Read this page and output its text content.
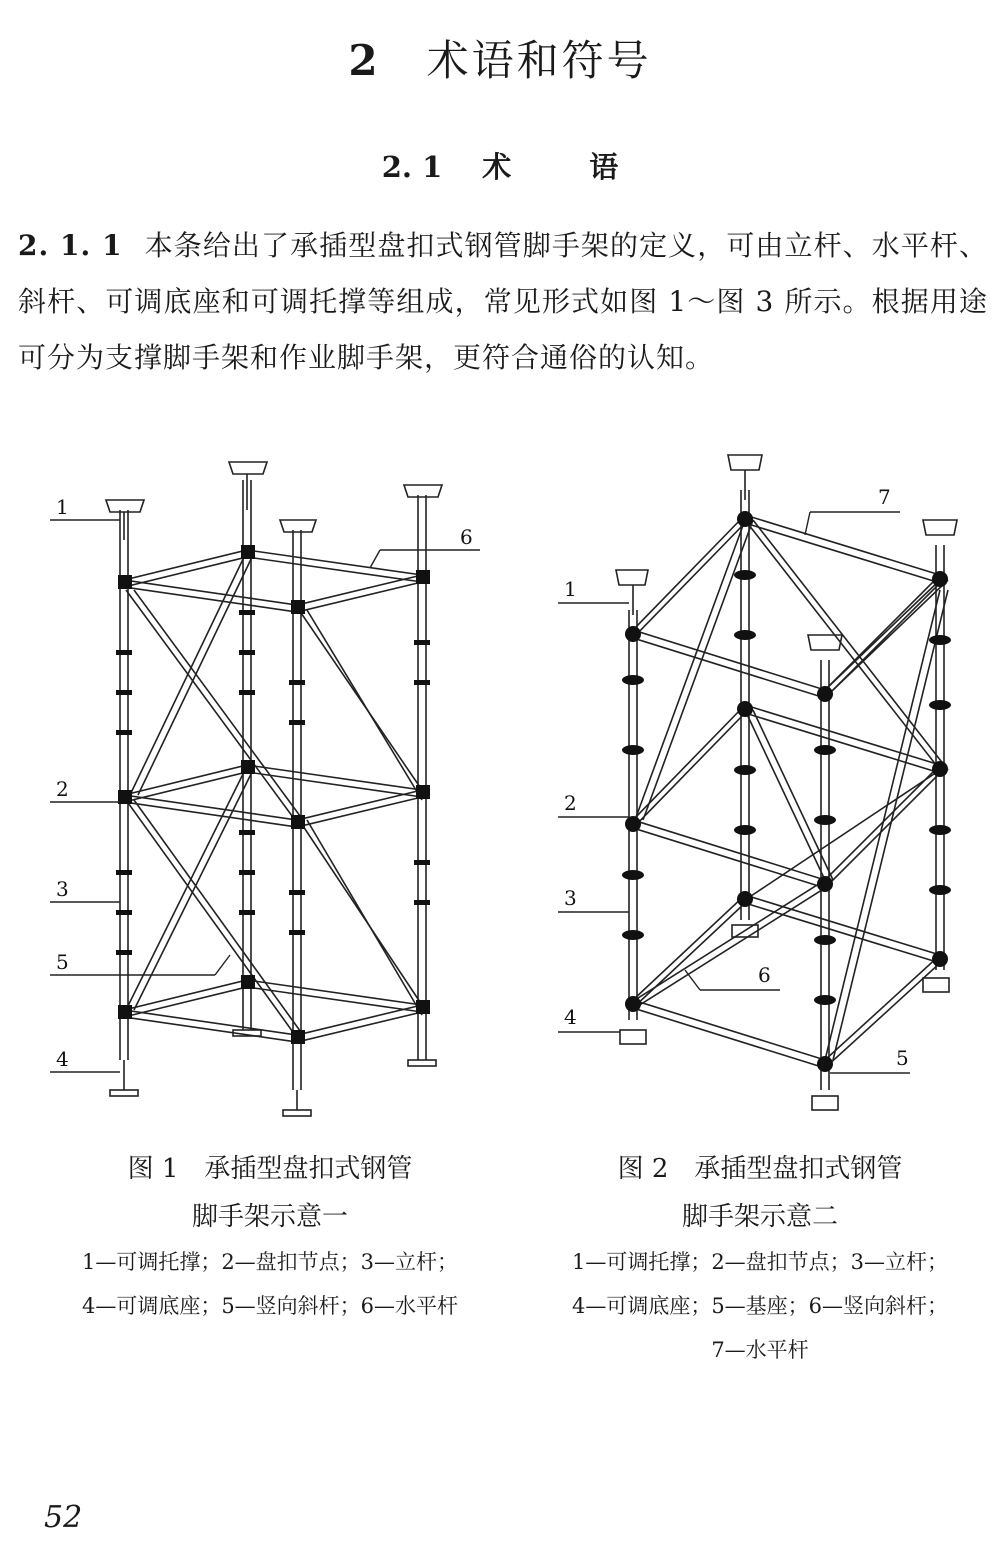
2 术语和符号
2. 1 术	语
2. 1. 1 本条给出了承插型盘扣式钢管脚手架的定义，可由立杆、水平杆、斜杆、可调底座和可调托撑等组成，常见形式如图 1～图 3 所示。根据用途可分为支撑脚手架和作业脚手架，更符合通俗的认知。
1
2
3
5
4
6
7
1
2
3
6
4
5
图 1 承插型盘扣式钢管
脚手架示意一
1—可调托撑；2—盘扣节点；3—立杆；
4—可调底座；5—竖向斜杆；6—水平杆
图 2 承插型盘扣式钢管
脚手架示意二
1—可调托撑；2—盘扣节点；3—立杆；
4—可调底座；5—基座；6—竖向斜杆；
7—水平杆
52
